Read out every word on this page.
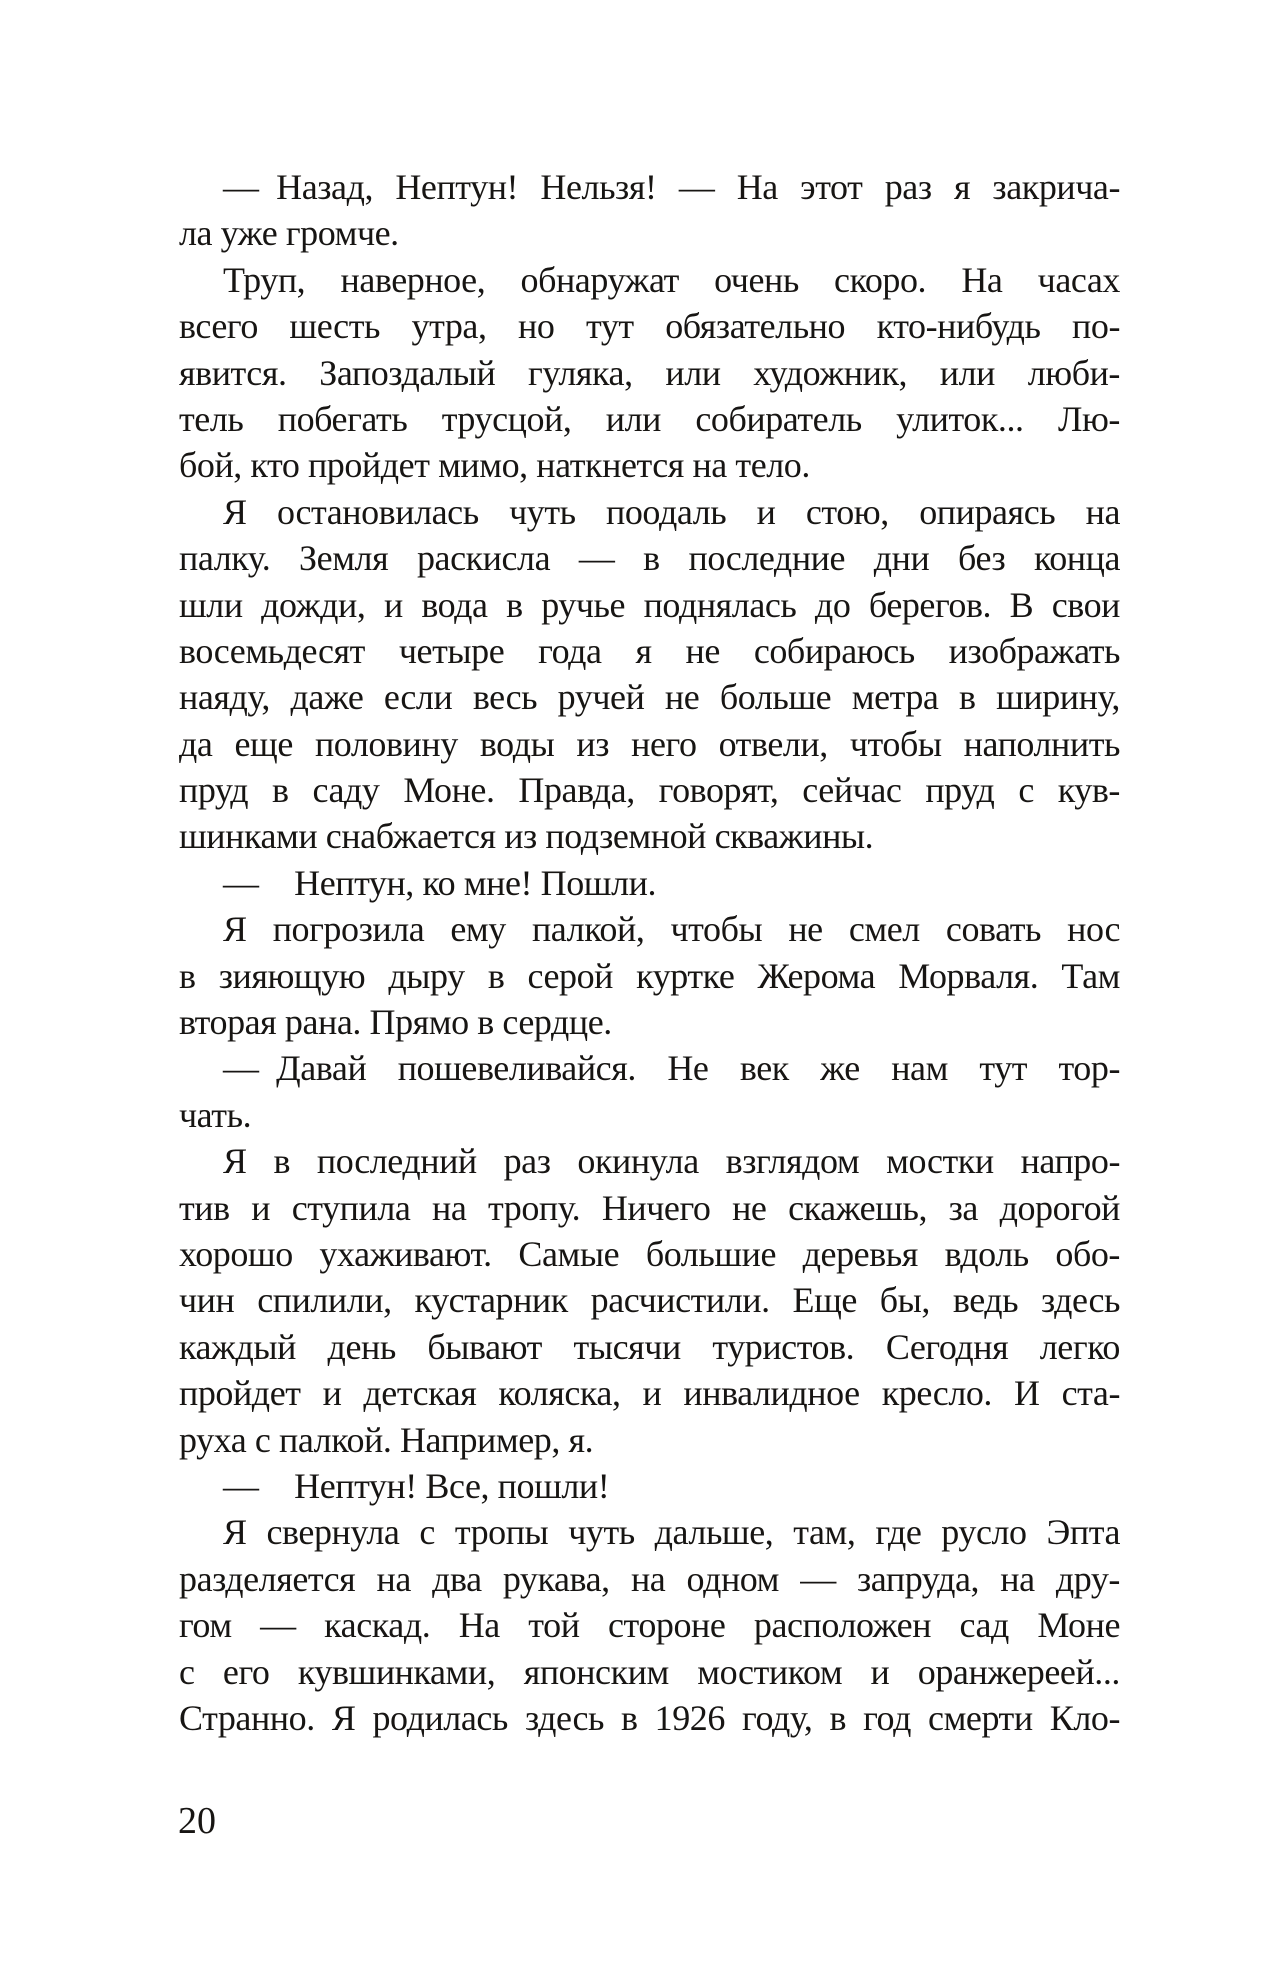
— Назад, Нептун! Нельзя! — На этот раз я закрича-
ла уже громче.
Труп, наверное, обнаружат очень скоро. На часах
всего шесть утра, но тут обязательно кто-нибудь по-
явится. Запоздалый гуляка, или художник, или люби-
тель побегать трусцой, или собиратель улиток... Лю-
бой, кто пройдет мимо, наткнется на тело.
Я остановилась чуть поодаль и стою, опираясь на
палку. Земля раскисла — в последние дни без конца
шли дожди, и вода в ручье поднялась до берегов. В свои
восемьдесят четыре года я не собираюсь изображать
наяду, даже если весь ручей не больше метра в ширину,
да еще половину воды из него отвели, чтобы наполнить
пруд в саду Моне. Правда, говорят, сейчас пруд с кув-
шинками снабжается из подземной скважины.
— Нептун, ко мне! Пошли.
Я погрозила ему палкой, чтобы не смел совать нос
в зияющую дыру в серой куртке Жерома Морваля. Там
вторая рана. Прямо в сердце.
— Давай пошевеливайся. Не век же нам тут тор-
чать.
Я в последний раз окинула взглядом мостки напро-
тив и ступила на тропу. Ничего не скажешь, за дорогой
хорошо ухаживают. Самые большие деревья вдоль обо-
чин спилили, кустарник расчистили. Еще бы, ведь здесь
каждый день бывают тысячи туристов. Сегодня легко
пройдет и детская коляска, и инвалидное кресло. И ста-
руха с палкой. Например, я.
— Нептун! Все, пошли!
Я свернула с тропы чуть дальше, там, где русло Эпта
разделяется на два рукава, на одном — запруда, на дру-
гом — каскад. На той стороне расположен сад Моне
с его кувшинками, японским мостиком и оранжереей...
Странно. Я родилась здесь в 1926 году, в год смерти Кло-
20
